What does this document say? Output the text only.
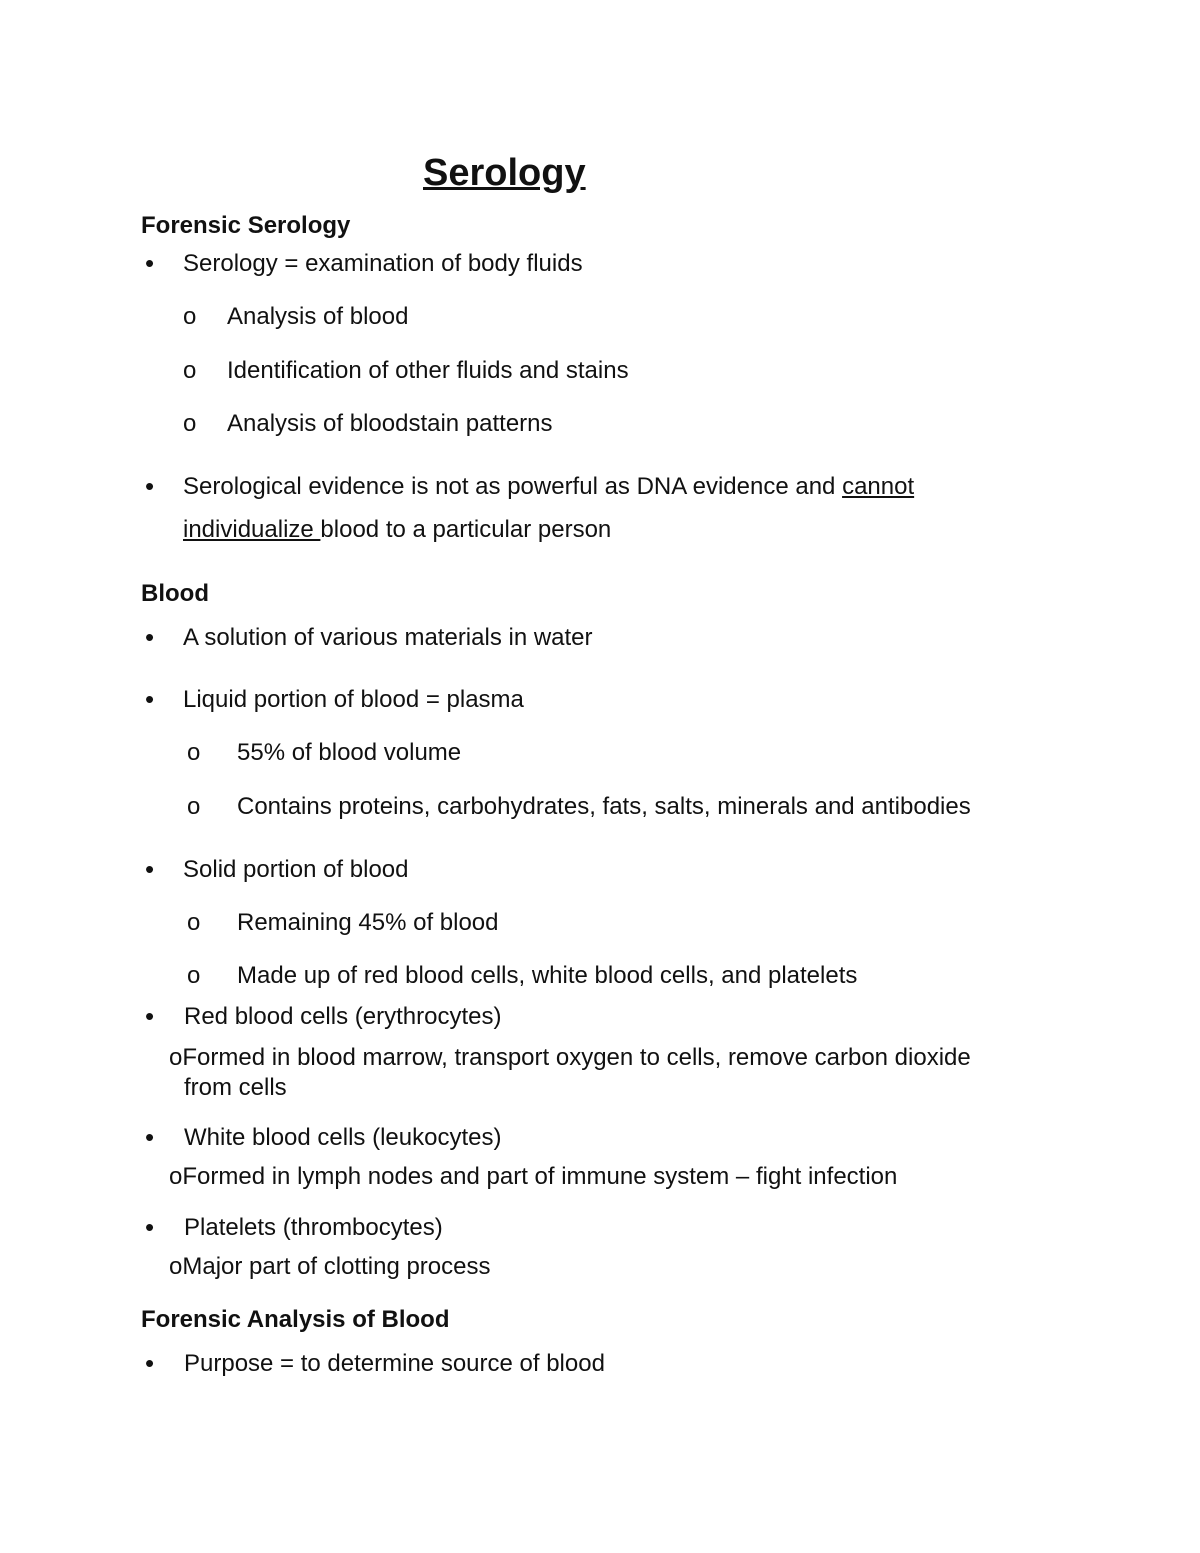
Serology
Forensic Serology
• Serology = examination of body fluids
o Analysis of blood
o Identification of other fluids and stains
o Analysis of bloodstain patterns
• Serological evidence is not as powerful as DNA evidence and cannot
individualize blood to a particular person
Blood
• A solution of various materials in water
• Liquid portion of blood = plasma
o 55% of blood volume
o Contains proteins, carbohydrates, fats, salts, minerals and antibodies
• Solid portion of blood
o Remaining 45% of blood
o Made up of red blood cells, white blood cells, and platelets
• Red blood cells (erythrocytes)
oFormed in blood marrow, transport oxygen to cells, remove carbon dioxide
from cells
• White blood cells (leukocytes)
oFormed in lymph nodes and part of immune system – fight infection
• Platelets (thrombocytes)
oMajor part of clotting process
Forensic Analysis of Blood
• Purpose = to determine source of blood
